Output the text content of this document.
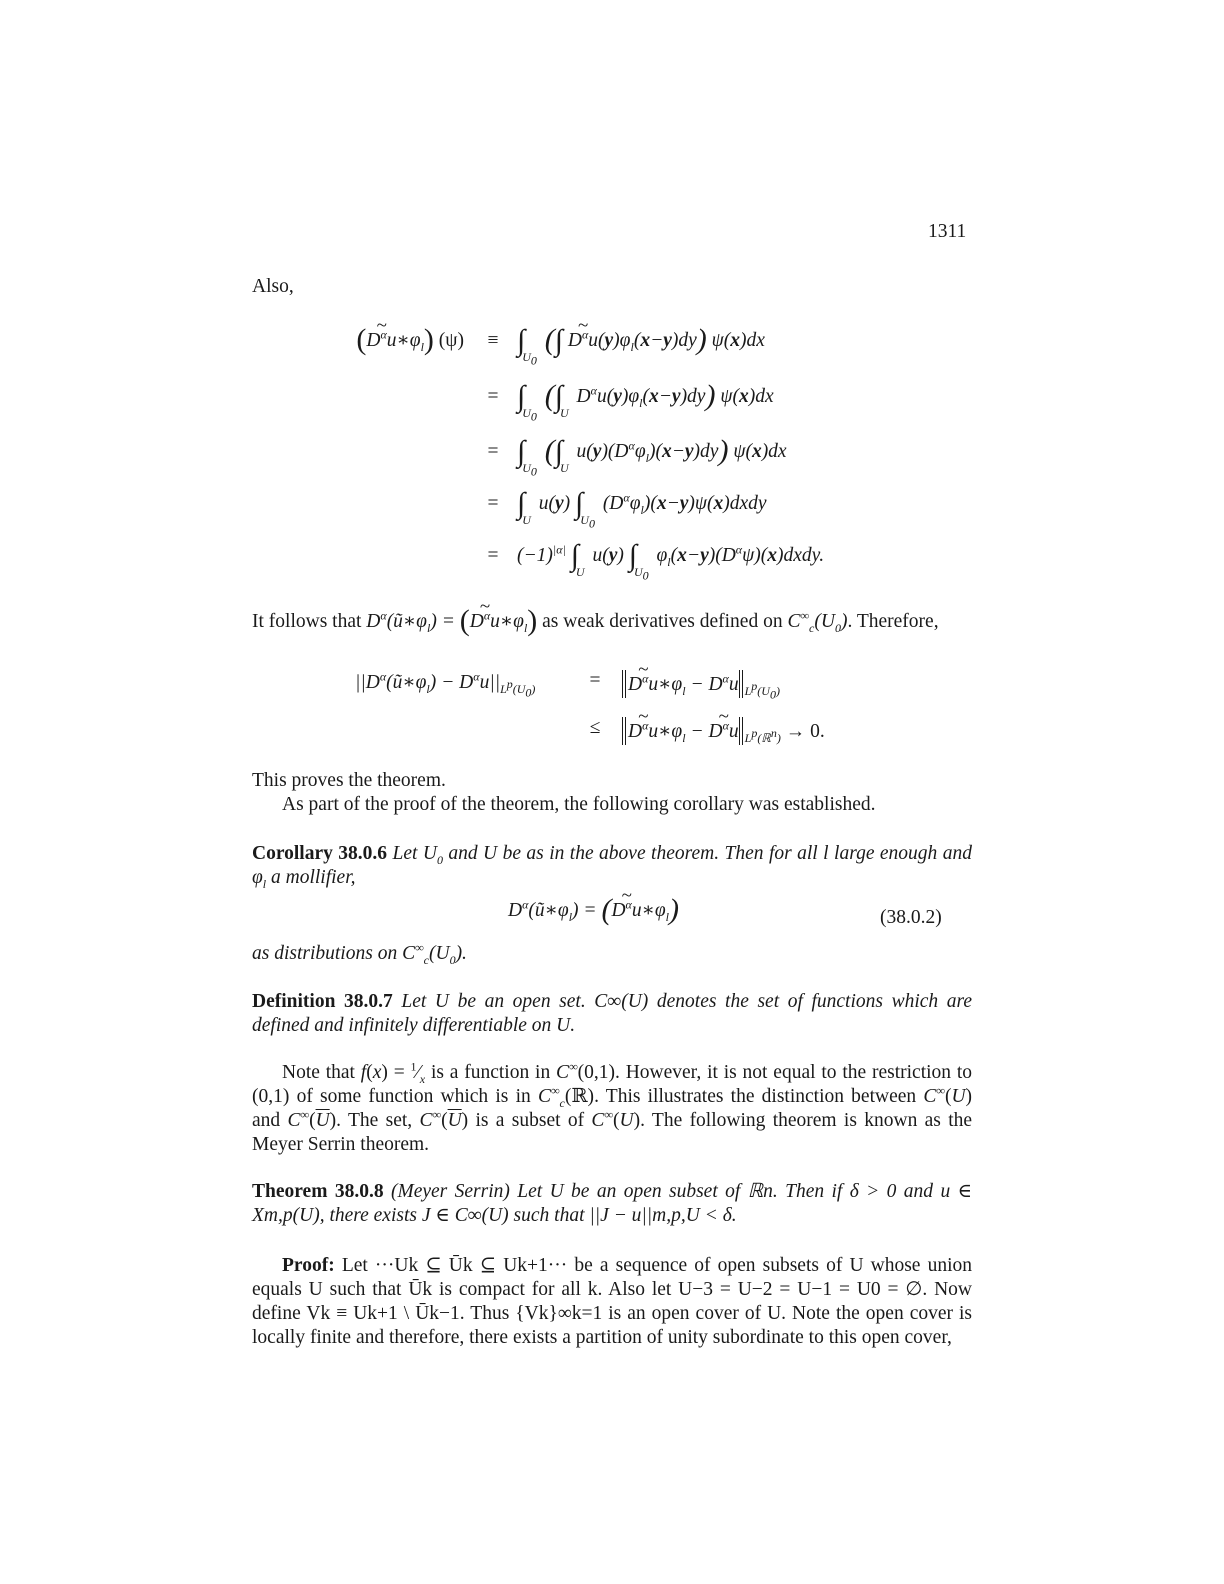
1311
Also,
(~ $D^\alpha u∗\varphi_l$) (ψ)	≡ $\int_{U_0}$ (∫ ~ $D^\alpha u(y)\varphi_l(x-y)dy$) ψ(x)dx
= $\int_{U_0}$ ($\int_U$ $D^\alpha u(y)\varphi_l(x-y)dy$) ψ(x)dx
= $\int_{U_0}$ ($\int_U$ $u(y)(D^\alpha\varphi_l)(x-y)dy$) ψ(x)dx
= $\int_U$ u(y) $\int_{U_0}$ $(D^\alpha\varphi_l)(x-y)\psi(x)dxdy$
= $(-1)^{|\alpha|}$ $\int_U$ u(y) $\int_{U_0}$ $\varphi_l(x-y)(D^\alpha\psi)(x)dxdy$.
It follows that $D^\alpha(ũ∗\varphi_l)$ = (~ $D^\alpha u∗\varphi_l$) as weak derivatives defined on $C^\infty_c(U_0)$. Therefore,
$||D^\alpha(ũ∗\varphi_l) - D^\alpha u||_{L^p(U_0)}$	=	~ $D^\alpha u∗\varphi_l - D^\alpha u$ $_{L^p(U_0)}$
≤	~ $D^\alpha u∗\varphi_l$ − ~ $D^\alpha u$ $_{L^p(ℝ^n)}$ → 0.
This proves the theorem.
As part of the proof of the theorem, the following corollary was established.
Corollary 38.0.6 Let $U_0$ and U be as in the above theorem. Then for all l large enough and $\varphi_l$ a mollifier,
$D^\alpha(ũ∗\varphi_l)$ = (~ $D^\alpha u∗\varphi_l$)	(38.0.2)
as distributions on $C^\infty_c(U_0)$.
Definition 38.0.7 Let U be an open set. C∞(U) denotes the set of functions which are defined and infinitely differentiable on U.
Note that $f(x) = ^1⁄_x$ is a function in C∞(0,1). However, it is not equal to the restriction to (0,1) of some function which is in $C^\infty_c(ℝ)$. This illustrates the distinction between C∞(U) and $C^\infty(\overline{U})$. The set, $C^\infty(\overline{U})$ is a subset of C∞(U). The following theorem is known as the Meyer Serrin theorem.
Theorem 38.0.8 (Meyer Serrin) Let U be an open subset of ℝn. Then if δ > 0 and u ∈ Xm,p(U), there exists J ∈ C∞(U) such that ||J − u||m,p,U < δ.
Proof: Let ···Uk ⊆ Ūk ⊆ Uk+1··· be a sequence of open subsets of U whose union equals U such that Ūk is compact for all k. Also let U−3 = U−2 = U−1 = U0 = ∅. Now define Vk ≡ Uk+1 \ Ūk−1. Thus {Vk}∞k=1 is an open cover of U. Note the open cover is locally finite and therefore, there exists a partition of unity subordinate to this open cover,
